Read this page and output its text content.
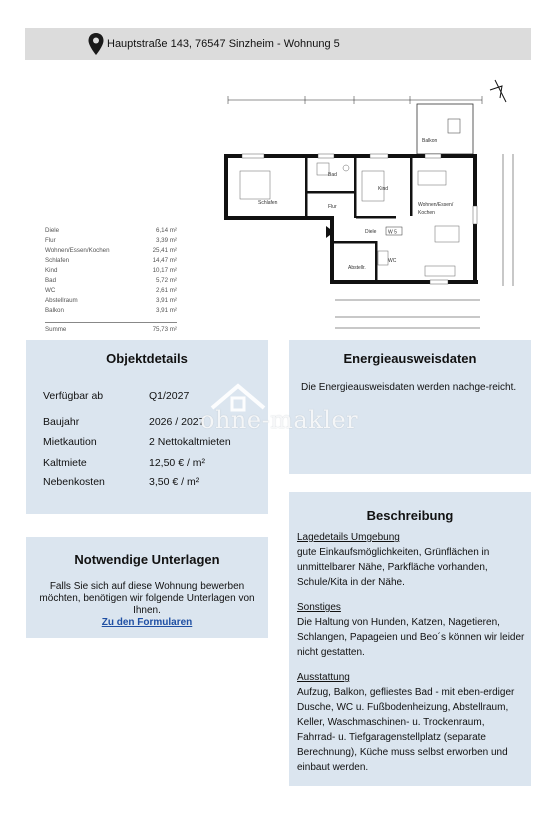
Hauptstraße 143, 76547 Sinzheim - Wohnung 5
Balkon
Schlafen
Bad
Kind
Flur	Wohnen/Essen/
Kochen
Diele
Abstellr.
WC
W 5
Diele	6,14 m²
Flur	3,39 m²
Wohnen/Essen/Kochen	25,41 m²
Schlafen	14,47 m²
Kind	10,17 m²
Bad	5,72 m²
WC	2,61 m²
Abstellraum	3,91 m²
Balkon	3,91 m²
Summe	75,73 m²
Objektdetails
Verfügbar ab	Q1/2027
Baujahr	2026 / 2027
Mietkaution	2 Nettokaltmieten
Kaltmiete	12,50 € / m²
Nebenkosten	3,50 € / m²
Energieausweisdaten
Die Energieausweisdaten werden nachge-reicht.
ohne-makler
Notwendige Unterlagen
Falls Sie sich auf diese Wohnung bewerben möchten, benötigen wir folgende Unterlagen von Ihnen.
Zu den Formularen
Beschreibung
Lagedetails Umgebung
gute Einkaufsmöglichkeiten, Grünflächen in unmittelbarer Nähe, Parkfläche vorhanden, Schule/Kita in der Nähe.
Sonstiges
Die Haltung von Hunden, Katzen, Nagetieren, Schlangen, Papageien und Beo´s können wir leider nicht gestatten.
Ausstattung
Aufzug, Balkon, gefliestes Bad - mit eben-erdiger Dusche, WC u. Fußbodenheizung, Abstellraum, Keller, Waschmaschinen- u. Trockenraum, Fahrrad- u. Tiefgaragenstellplatz (separate Berechnung), Küche muss selbst erworben und einbaut werden.
